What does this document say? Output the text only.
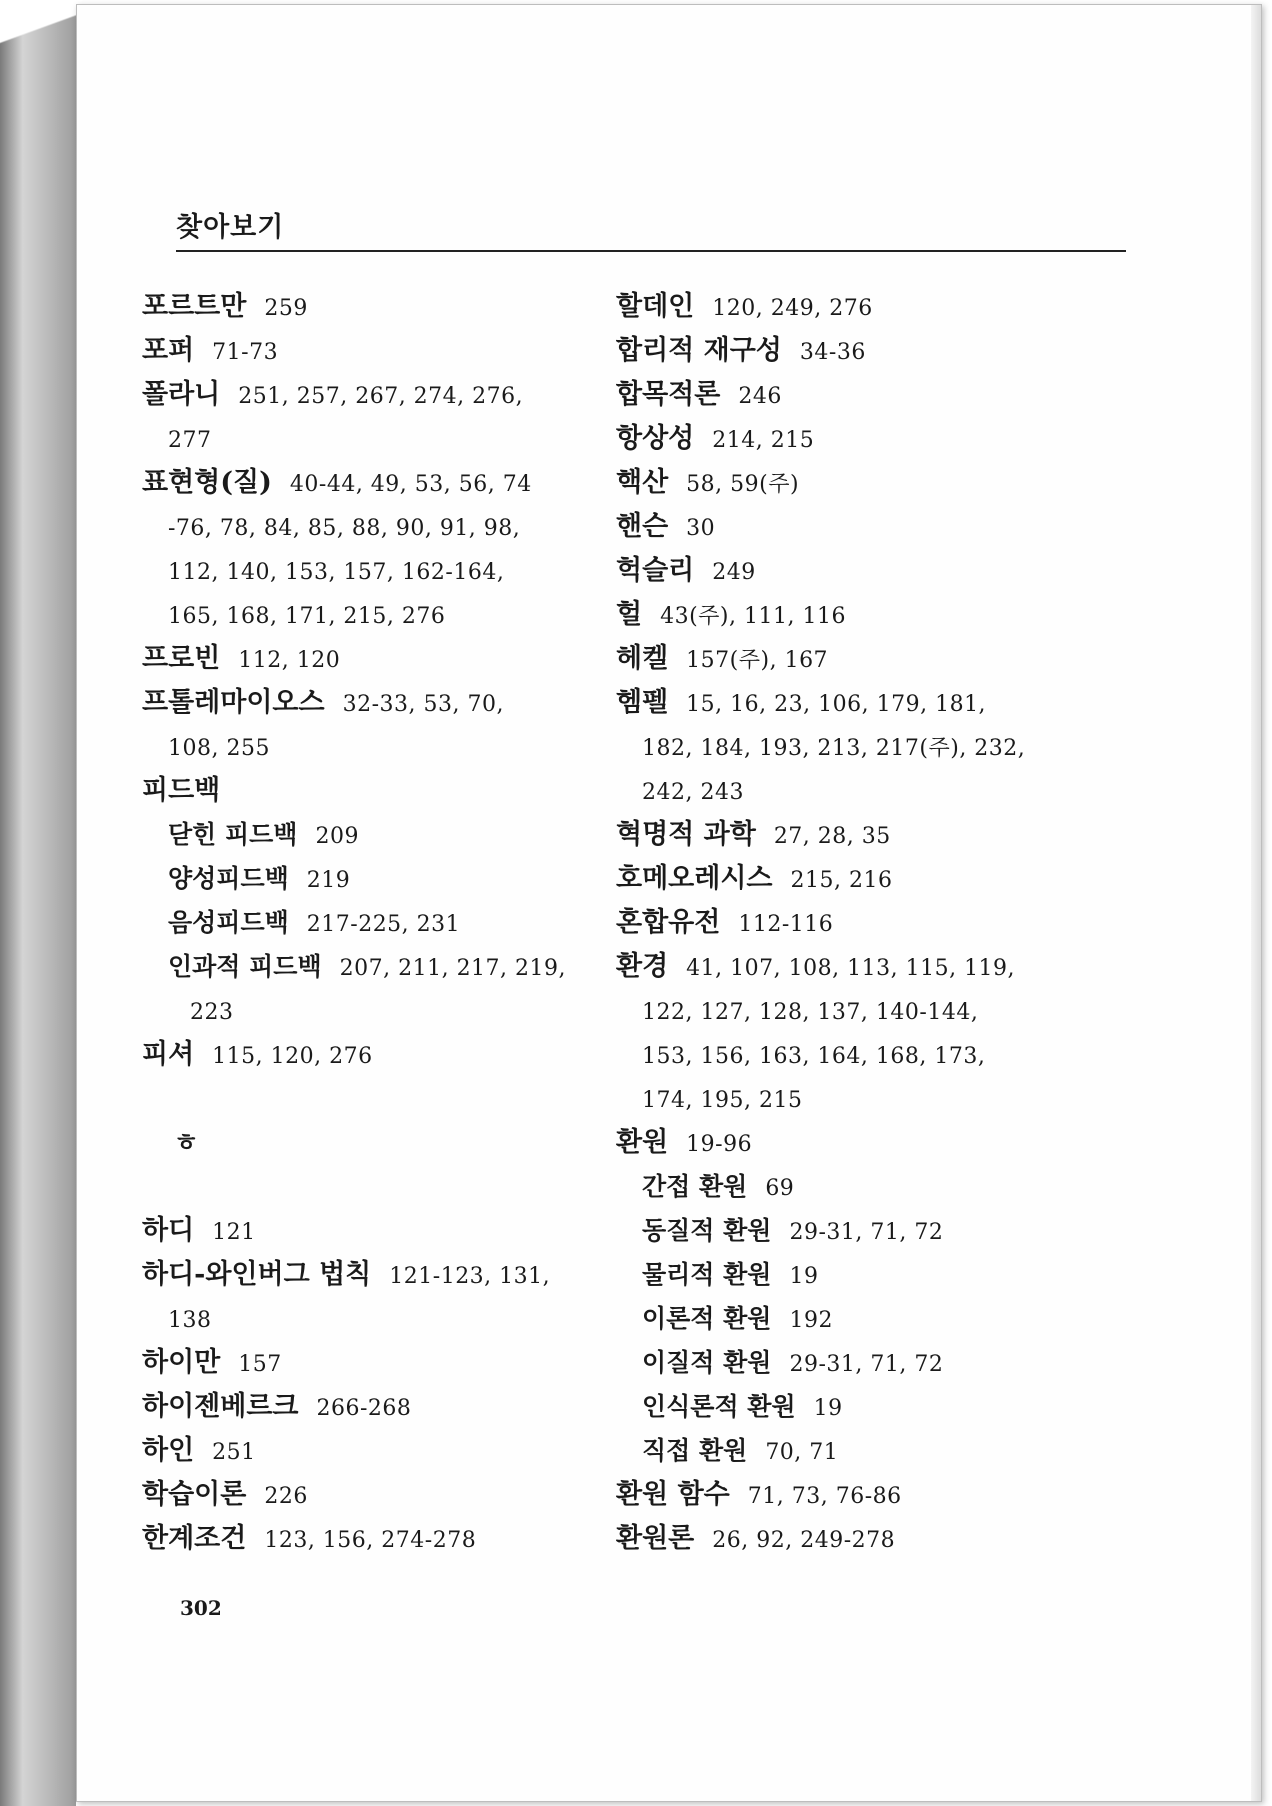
찾아보기
포르트만 259
포퍼 71-73
폴라니 251, 257, 267, 274, 276,
277
표현형(질) 40-44, 49, 53, 56, 74
-76, 78, 84, 85, 88, 90, 91, 98,
112, 140, 153, 157, 162-164,
165, 168, 171, 215, 276
프로빈 112, 120
프톨레마이오스 32-33, 53, 70,
108, 255
피드백
닫힌 피드백 209
양성피드백 219
음성피드백 217-225, 231
인과적 피드백 207, 211, 217, 219,
223
피셔 115, 120, 276
ㅎ
하디 121
하디-와인버그 법칙 121-123, 131,
138
하이만 157
하이젠베르크 266-268
하인 251
학습이론 226
한계조건 123, 156, 274-278
할데인 120, 249, 276
합리적 재구성 34-36
합목적론 246
항상성 214, 215
핵산 58, 59(주)
핸슨 30
헉슬리 249
헐 43(주), 111, 116
헤켈 157(주), 167
헴펠 15, 16, 23, 106, 179, 181,
182, 184, 193, 213, 217(주), 232,
242, 243
혁명적 과학 27, 28, 35
호메오레시스 215, 216
혼합유전 112-116
환경 41, 107, 108, 113, 115, 119,
122, 127, 128, 137, 140-144,
153, 156, 163, 164, 168, 173,
174, 195, 215
환원 19-96
간접 환원 69
동질적 환원 29-31, 71, 72
물리적 환원 19
이론적 환원 192
이질적 환원 29-31, 71, 72
인식론적 환원 19
직접 환원 70, 71
환원 함수 71, 73, 76-86
환원론 26, 92, 249-278
302
